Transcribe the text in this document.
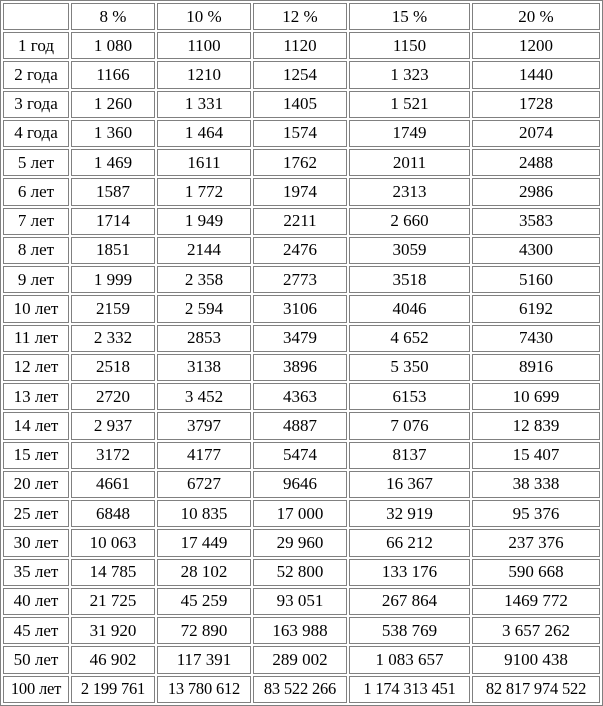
	8 %	10 %	12 %	15 %	20 %
1 год	1 080	1100	1120	1150	1200
2 года	1166	1210	1254	1 323	1440
3 года	1 260	1 331	1405	1 521	1728
4 года	1 360	1 464	1574	1749	2074
5 лет	1 469	1611	1762	2011	2488
6 лет	1587	1 772	1974	2313	2986
7 лет	1714	1 949	2211	2 660	3583
8 лет	1851	2144	2476	3059	4300
9 лет	1 999	2 358	2773	3518	5160
10 лет	2159	2 594	3106	4046	6192
11 лет	2 332	2853	3479	4 652	7430
12 лет	2518	3138	3896	5 350	8916
13 лет	2720	3 452	4363	6153	10 699
14 лет	2 937	3797	4887	7 076	12 839
15 лет	3172	4177	5474	8137	15 407
20 лет	4661	6727	9646	16 367	38 338
25 лет	6848	10 835	17 000	32 919	95 376
30 лет	10 063	17 449	29 960	66 212	237 376
35 лет	14 785	28 102	52 800	133 176	590 668
40 лет	21 725	45 259	93 051	267 864	1469 772
45 лет	31 920	72 890	163 988	538 769	3 657 262
50 лет	46 902	117 391	289 002	1 083 657	9100 438
100 лет	2 199 761	13 780 612	83 522 266	1 174 313 451	82 817 974 522
